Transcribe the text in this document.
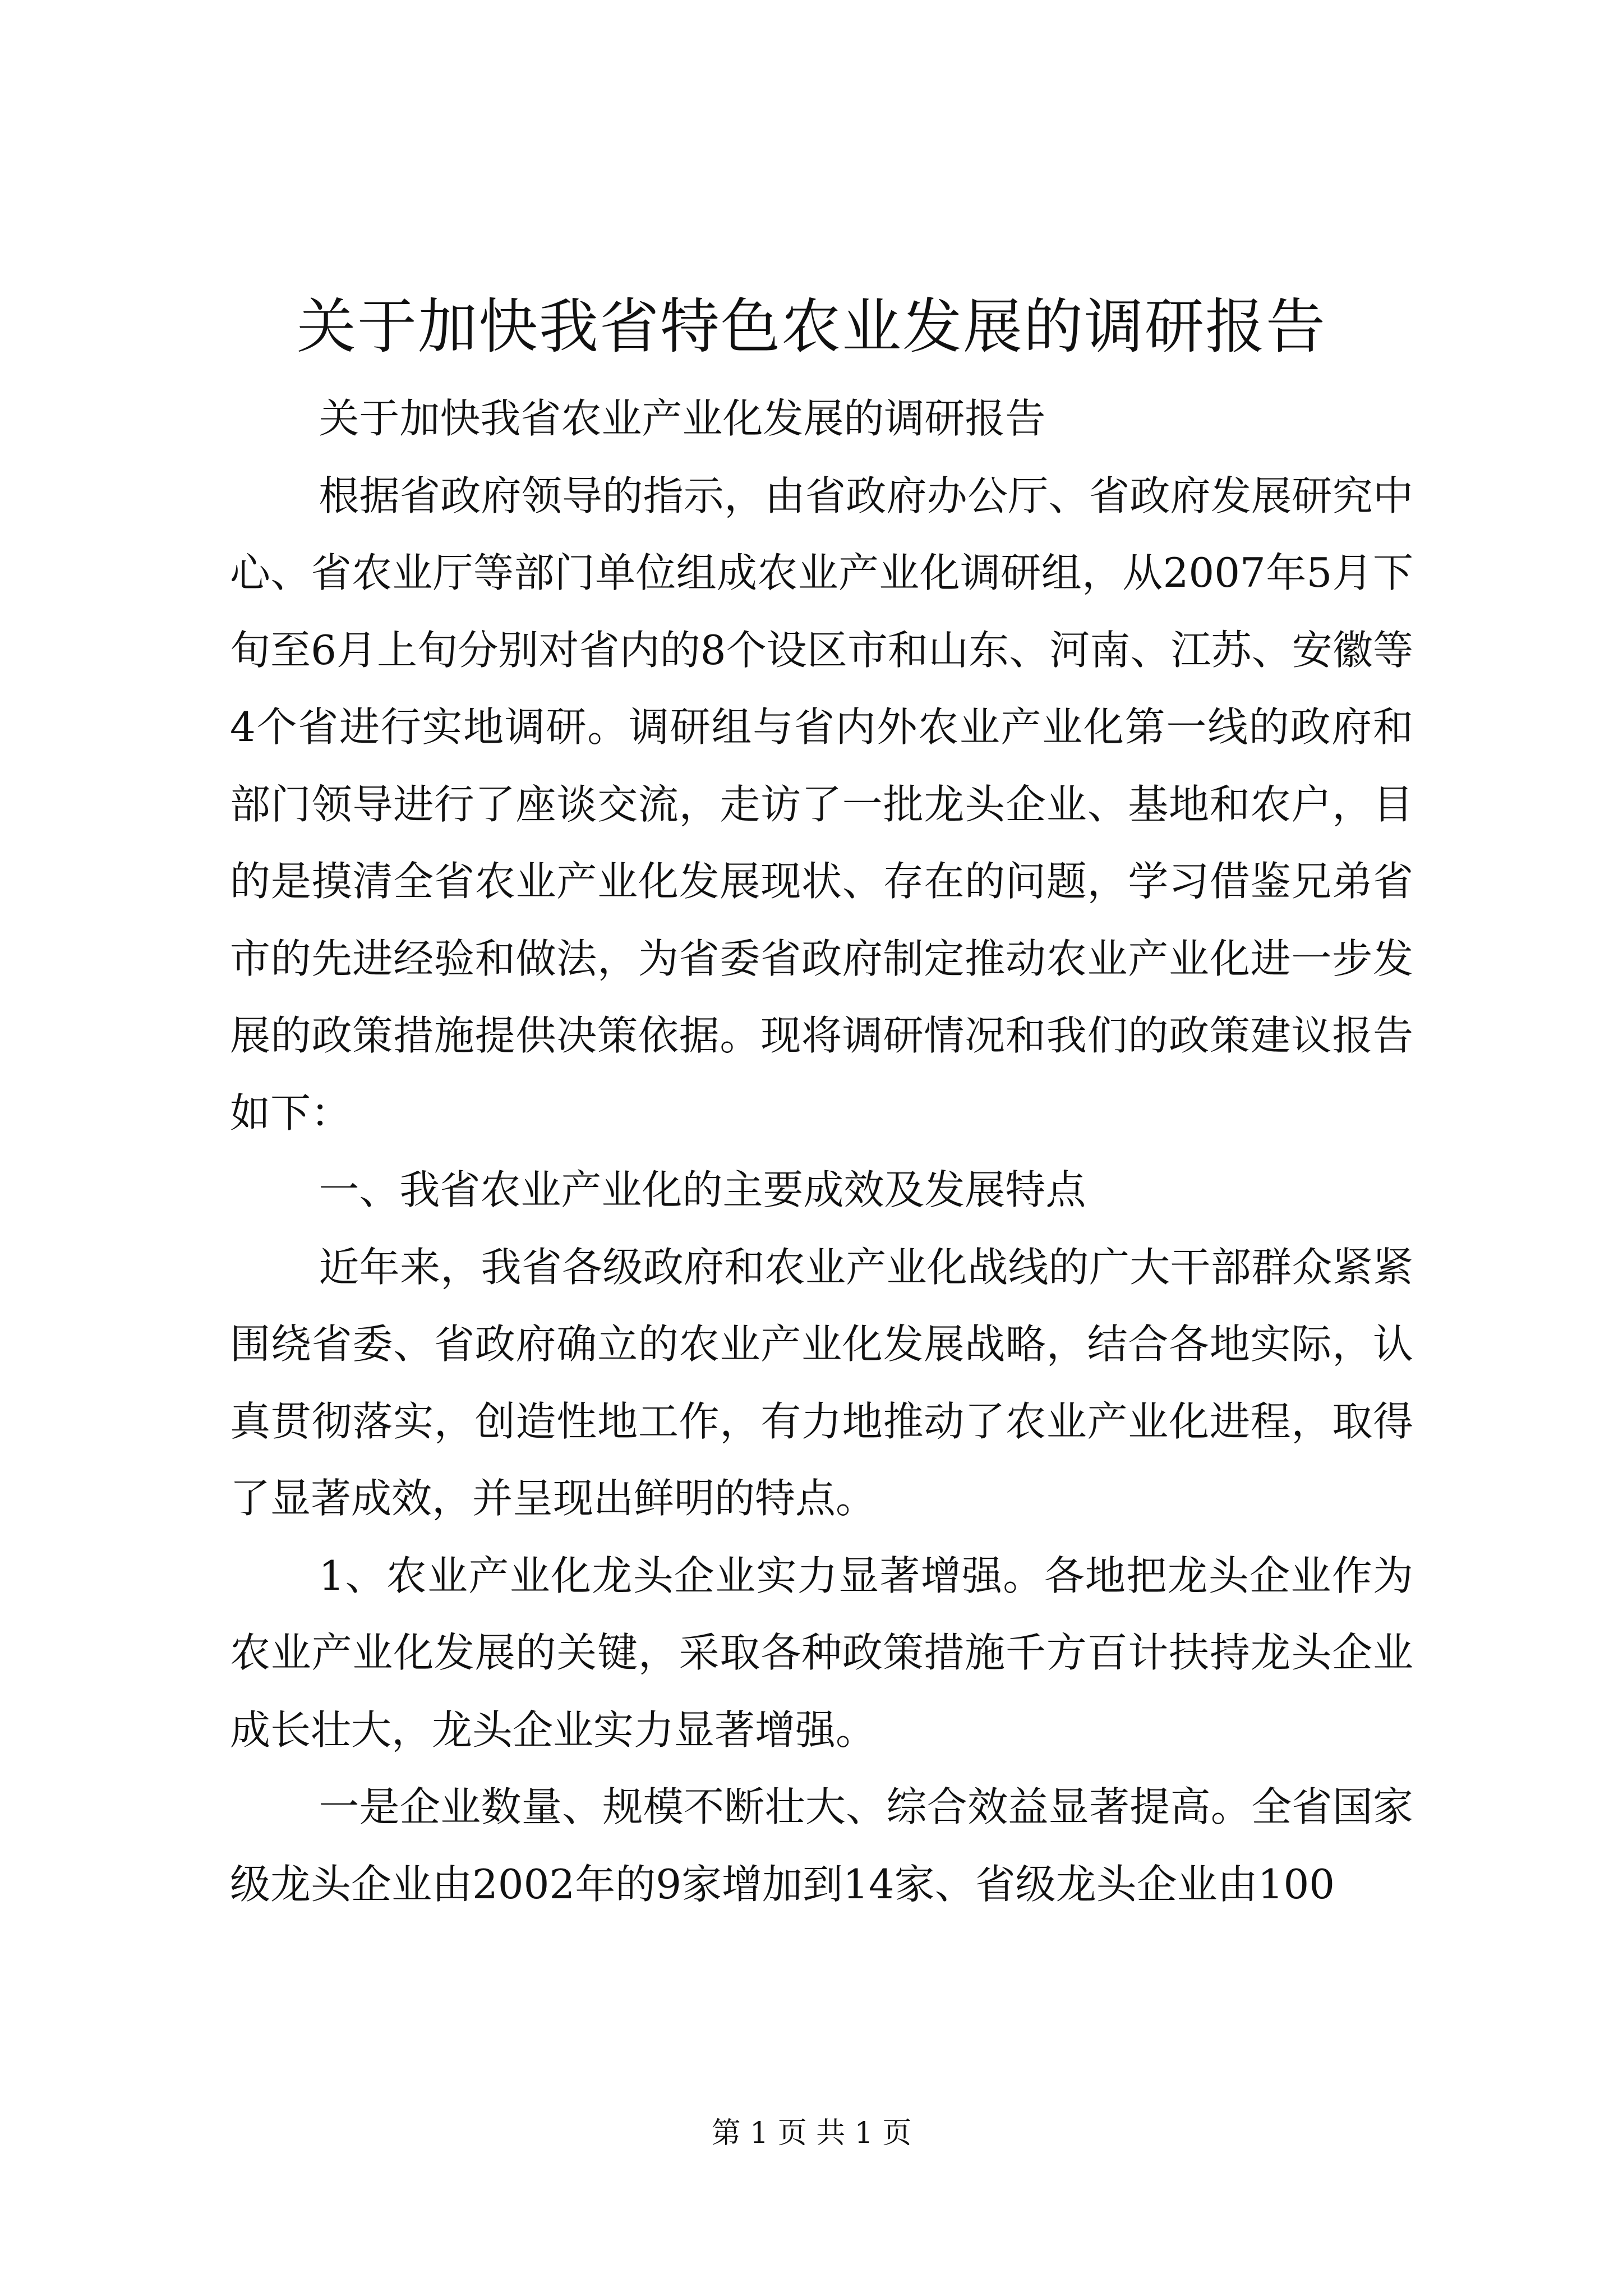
关于加快我省特色农业发展的调研报告

关于加快我省农业产业化发展的调研报告

根据省政府领导的指示，由省政府办公厅、省政府发展研究中心、省农业厅等部门单位组成农业产业化调研组，从2007年5月下旬至6月上旬分别对省内的8个设区市和山东、河南、江苏、安徽等4个省进行实地调研。调研组与省内外农业产业化第一线的政府和部门领导进行了座谈交流，走访了一批龙头企业、基地和农户，目的是摸清全省农业产业化发展现状、存在的问题，学习借鉴兄弟省市的先进经验和做法，为省委省政府制定推动农业产业化进一步发展的政策措施提供决策依据。现将调研情况和我们的政策建议报告如下：

一、我省农业产业化的主要成效及发展特点

近年来，我省各级政府和农业产业化战线的广大干部群众紧紧围绕省委、省政府确立的农业产业化发展战略，结合各地实际，认真贯彻落实，创造性地工作，有力地推动了农业产业化进程，取得了显著成效，并呈现出鲜明的特点。

1、农业产业化龙头企业实力显著增强。各地把龙头企业作为农业产业化发展的关键，采取各种政策措施千方百计扶持龙头企业成长壮大，龙头企业实力显著增强。

一是企业数量、规模不断壮大、综合效益显著提高。全省国家级龙头企业由2002年的9家增加到14家、省级龙头企业由100

第 1 页 共 1 页
